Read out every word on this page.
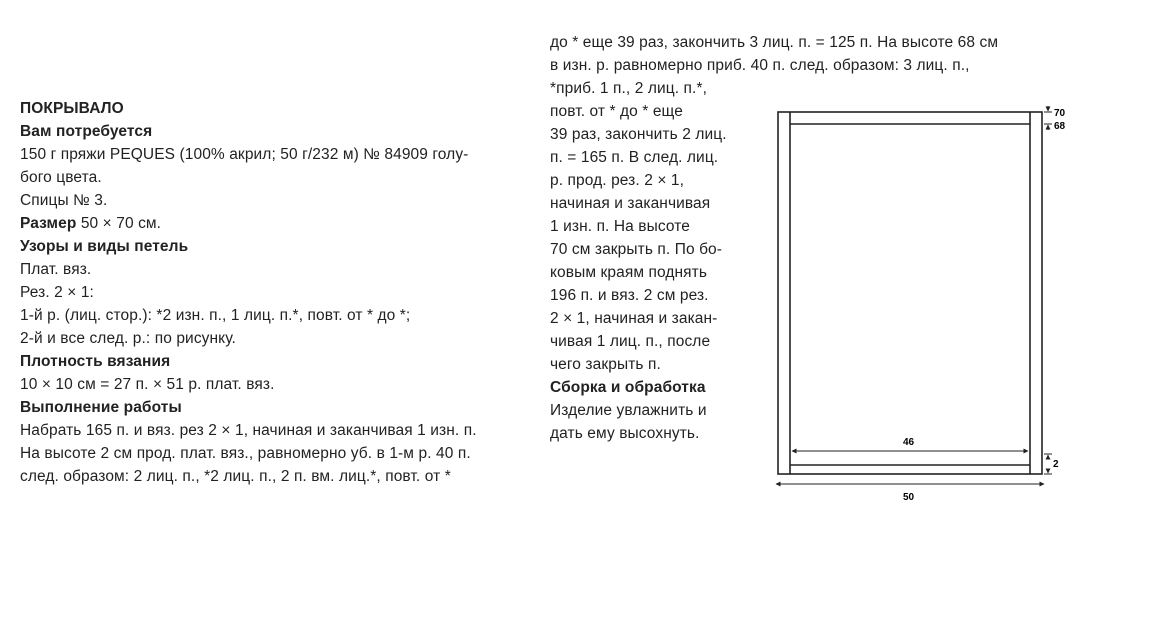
ПОКРЫВАЛО
Вам потребуется
150 г пряжи PEQUES (100% акрил; 50 г/232 м) № 84909 голу-
бого цвета.
Спицы № 3.
Размер 50 × 70 см.
Узоры и виды петель
Плат. вяз.
Рез. 2 × 1:
1-й р. (лиц. стор.): *2 изн. п., 1 лиц. п.*, повт. от * до *;
2-й и все след. р.: по рисунку.
Плотность вязания
10 × 10 см = 27 п. × 51 р. плат. вяз.
Выполнение работы
Набрать 165 п. и вяз. рез 2 × 1, начиная и заканчивая 1 изн. п.
На высоте 2 см прод. плат. вяз., равномерно уб. в 1-м р. 40 п.
след. образом: 2 лиц. п., *2 лиц. п., 2 п. вм. лиц.*, повт. от *
до * еще 39 раз, закончить 3 лиц. п. = 125 п. На высоте 68 см
в изн. р. равномерно приб. 40 п. след. образом: 3 лиц. п.,
*приб. 1 п., 2 лиц. п.*,
повт. от * до * еще
39 раз, закончить 2 лиц.
п. = 165 п. В след. лиц.
р. прод. рез. 2 × 1,
начиная и заканчивая
1 изн. п. На высоте
70 см закрыть п. По бо-
ковым краям поднять
196 п. и вяз. 2 см рез.
2 × 1, начиная и закан-
чивая 1 лиц. п., после
чего закрыть п.
Сборка и обработка
Изделие увлажнить и
дать ему высохнуть.
70
68
2
46
50
